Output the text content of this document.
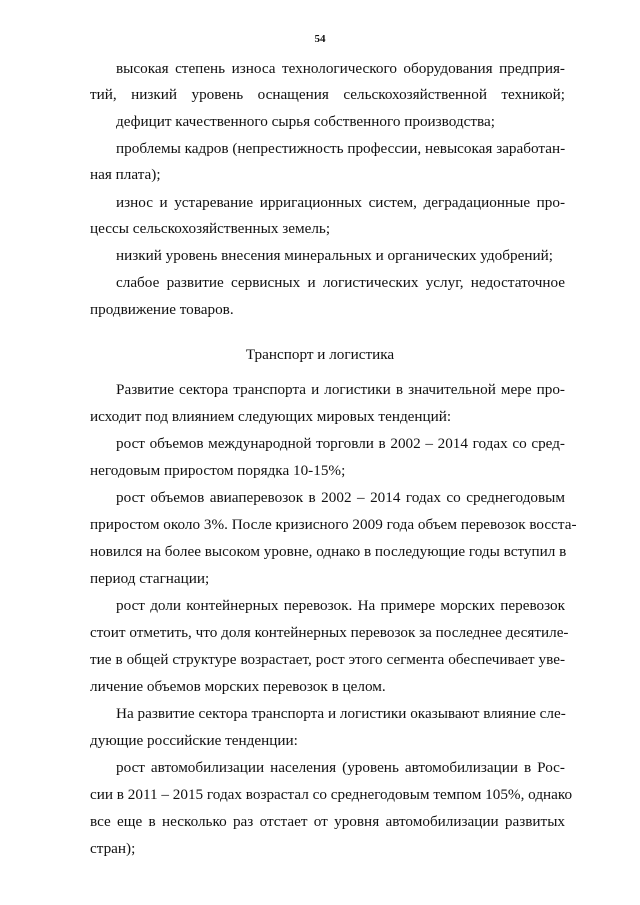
54
высокая степень износа технологического оборудования предприя-
тий, низкий уровень оснащения сельскохозяйственной техникой;
дефицит качественного сырья собственного производства;
проблемы кадров (непрестижность профессии, невысокая заработан-
ная плата);
износ и устаревание ирригационных систем, деградационные про-
цессы сельскохозяйственных земель;
низкий уровень внесения минеральных и органических удобрений;
слабое развитие сервисных и логистических услуг, недостаточное
продвижение товаров.
Транспорт и логистика
Развитие сектора транспорта и логистики в значительной мере про-
исходит под влиянием следующих мировых тенденций:
рост объемов международной торговли в 2002 – 2014 годах со сред-
негодовым приростом порядка 10-15%;
рост объемов авиаперевозок в 2002 – 2014 годах со среднегодовым
приростом около 3%. После кризисного 2009 года объем перевозок восста-
новился на более высоком уровне, однако в последующие годы вступил в
период стагнации;
рост доли контейнерных перевозок. На примере морских перевозок
стоит отметить, что доля контейнерных перевозок за последнее десятиле-
тие в общей структуре возрастает, рост этого сегмента обеспечивает уве-
личение объемов морских перевозок в целом.
На развитие сектора транспорта и логистики оказывают влияние сле-
дующие российские тенденции:
рост автомобилизации населения (уровень автомобилизации в Рос-
сии в 2011 – 2015 годах возрастал со среднегодовым темпом 105%, однако
все еще в несколько раз отстает от уровня автомобилизации развитых
стран);
